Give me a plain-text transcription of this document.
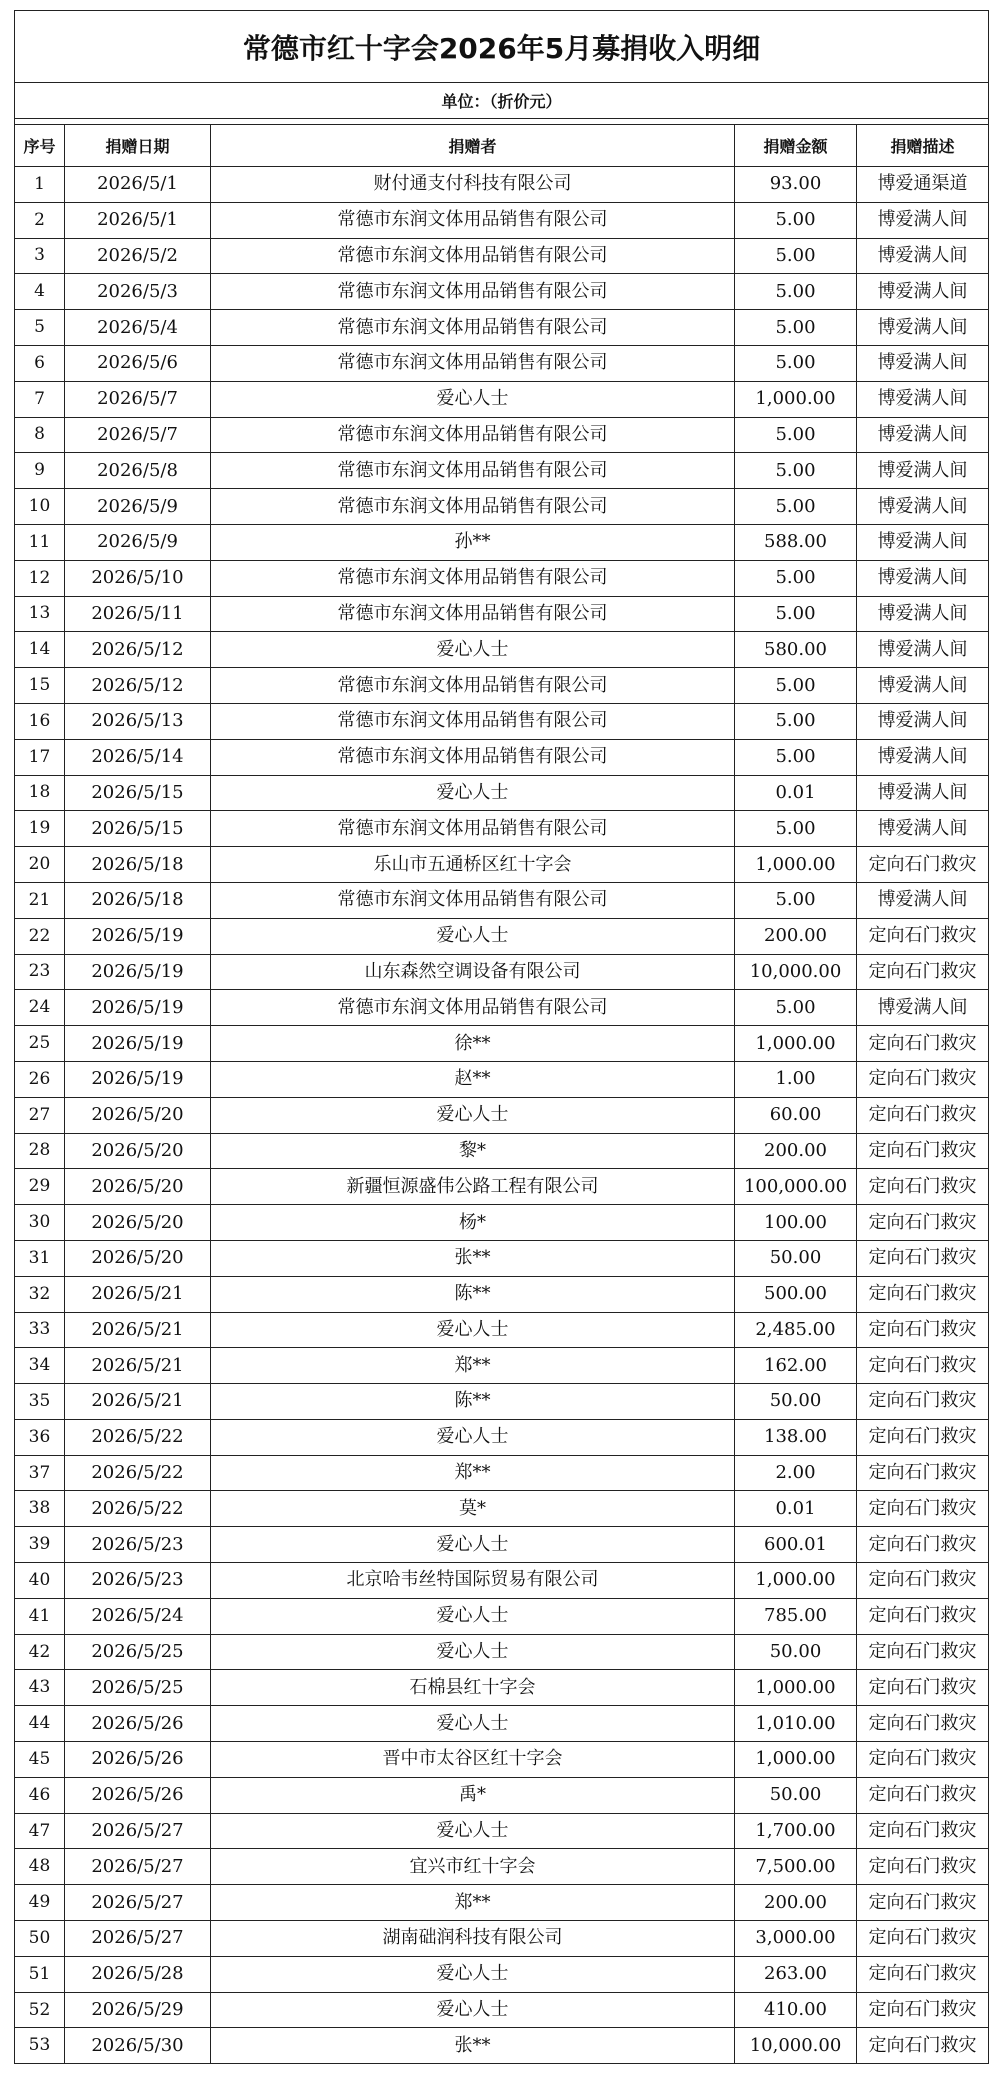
常德市红十字会2026年5月募捐收入明细				
单位：（折价元）				

序号	捐赠日期	捐赠者	捐赠金额	捐赠描述
1	2026/5/1	财付通支付科技有限公司	93.00	博爱通渠道
2	2026/5/1	常德市东润文体用品销售有限公司	5.00	博爱满人间
3	2026/5/2	常德市东润文体用品销售有限公司	5.00	博爱满人间
4	2026/5/3	常德市东润文体用品销售有限公司	5.00	博爱满人间
5	2026/5/4	常德市东润文体用品销售有限公司	5.00	博爱满人间
6	2026/5/6	常德市东润文体用品销售有限公司	5.00	博爱满人间
7	2026/5/7	爱心人士	1,000.00	博爱满人间
8	2026/5/7	常德市东润文体用品销售有限公司	5.00	博爱满人间
9	2026/5/8	常德市东润文体用品销售有限公司	5.00	博爱满人间
10	2026/5/9	常德市东润文体用品销售有限公司	5.00	博爱满人间
11	2026/5/9	孙**	588.00	博爱满人间
12	2026/5/10	常德市东润文体用品销售有限公司	5.00	博爱满人间
13	2026/5/11	常德市东润文体用品销售有限公司	5.00	博爱满人间
14	2026/5/12	爱心人士	580.00	博爱满人间
15	2026/5/12	常德市东润文体用品销售有限公司	5.00	博爱满人间
16	2026/5/13	常德市东润文体用品销售有限公司	5.00	博爱满人间
17	2026/5/14	常德市东润文体用品销售有限公司	5.00	博爱满人间
18	2026/5/15	爱心人士	0.01	博爱满人间
19	2026/5/15	常德市东润文体用品销售有限公司	5.00	博爱满人间
20	2026/5/18	乐山市五通桥区红十字会	1,000.00	定向石门救灾
21	2026/5/18	常德市东润文体用品销售有限公司	5.00	博爱满人间
22	2026/5/19	爱心人士	200.00	定向石门救灾
23	2026/5/19	山东森然空调设备有限公司	10,000.00	定向石门救灾
24	2026/5/19	常德市东润文体用品销售有限公司	5.00	博爱满人间
25	2026/5/19	徐**	1,000.00	定向石门救灾
26	2026/5/19	赵**	1.00	定向石门救灾
27	2026/5/20	爱心人士	60.00	定向石门救灾
28	2026/5/20	黎*	200.00	定向石门救灾
29	2026/5/20	新疆恒源盛伟公路工程有限公司	100,000.00	定向石门救灾
30	2026/5/20	杨*	100.00	定向石门救灾
31	2026/5/20	张**	50.00	定向石门救灾
32	2026/5/21	陈**	500.00	定向石门救灾
33	2026/5/21	爱心人士	2,485.00	定向石门救灾
34	2026/5/21	郑**	162.00	定向石门救灾
35	2026/5/21	陈**	50.00	定向石门救灾
36	2026/5/22	爱心人士	138.00	定向石门救灾
37	2026/5/22	郑**	2.00	定向石门救灾
38	2026/5/22	莫*	0.01	定向石门救灾
39	2026/5/23	爱心人士	600.01	定向石门救灾
40	2026/5/23	北京哈韦丝特国际贸易有限公司	1,000.00	定向石门救灾
41	2026/5/24	爱心人士	785.00	定向石门救灾
42	2026/5/25	爱心人士	50.00	定向石门救灾
43	2026/5/25	石棉县红十字会	1,000.00	定向石门救灾
44	2026/5/26	爱心人士	1,010.00	定向石门救灾
45	2026/5/26	晋中市太谷区红十字会	1,000.00	定向石门救灾
46	2026/5/26	禹*	50.00	定向石门救灾
47	2026/5/27	爱心人士	1,700.00	定向石门救灾
48	2026/5/27	宜兴市红十字会	7,500.00	定向石门救灾
49	2026/5/27	郑**	200.00	定向石门救灾
50	2026/5/27	湖南础润科技有限公司	3,000.00	定向石门救灾
51	2026/5/28	爱心人士	263.00	定向石门救灾
52	2026/5/29	爱心人士	410.00	定向石门救灾
53	2026/5/30	张**	10,000.00	定向石门救灾
